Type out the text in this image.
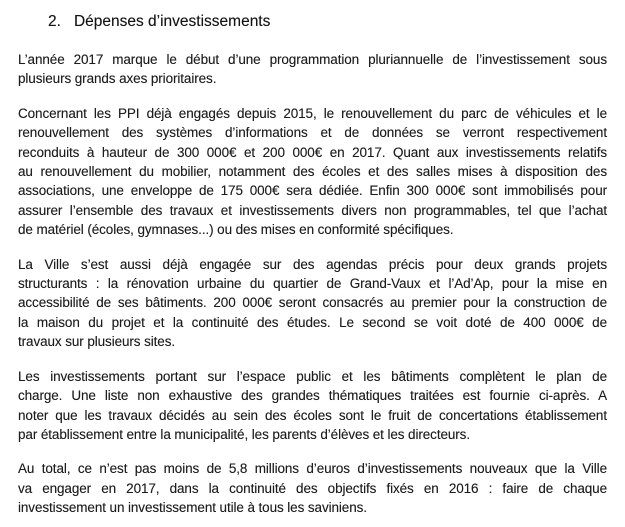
2. Dépenses d’investissements
L’année 2017 marque le début d’une programmation pluriannuelle de l’investissement sous
plusieurs grands axes prioritaires.
Concernant les PPI déjà engagés depuis 2015, le renouvellement du parc de véhicules et le
renouvellement des systèmes d’informations et de données se verront respectivement
reconduits à hauteur de 300 000€ et 200 000€ en 2017. Quant aux investissements relatifs
au renouvellement du mobilier, notamment des écoles et des salles mises à disposition des
associations, une enveloppe de 175 000€ sera dédiée. Enfin 300 000€ sont immobilisés pour
assurer l’ensemble des travaux et investissements divers non programmables, tel que l’achat
de matériel (écoles, gymnases...) ou des mises en conformité spécifiques.
La Ville s’est aussi déjà engagée sur des agendas précis pour deux grands projets
structurants : la rénovation urbaine du quartier de Grand-Vaux et l’Ad’Ap, pour la mise en
accessibilité de ses bâtiments. 200 000€ seront consacrés au premier pour la construction de
la maison du projet et la continuité des études. Le second se voit doté de 400 000€ de
travaux sur plusieurs sites.
Les investissements portant sur l’espace public et les bâtiments complètent le plan de
charge. Une liste non exhaustive des grandes thématiques traitées est fournie ci-après. A
noter que les travaux décidés au sein des écoles sont le fruit de concertations établissement
par établissement entre la municipalité, les parents d’élèves et les directeurs.
Au total, ce n’est pas moins de 5,8 millions d’euros d’investissements nouveaux que la Ville
va engager en 2017, dans la continuité des objectifs fixés en 2016 : faire de chaque
investissement un investissement utile à tous les saviniens.
